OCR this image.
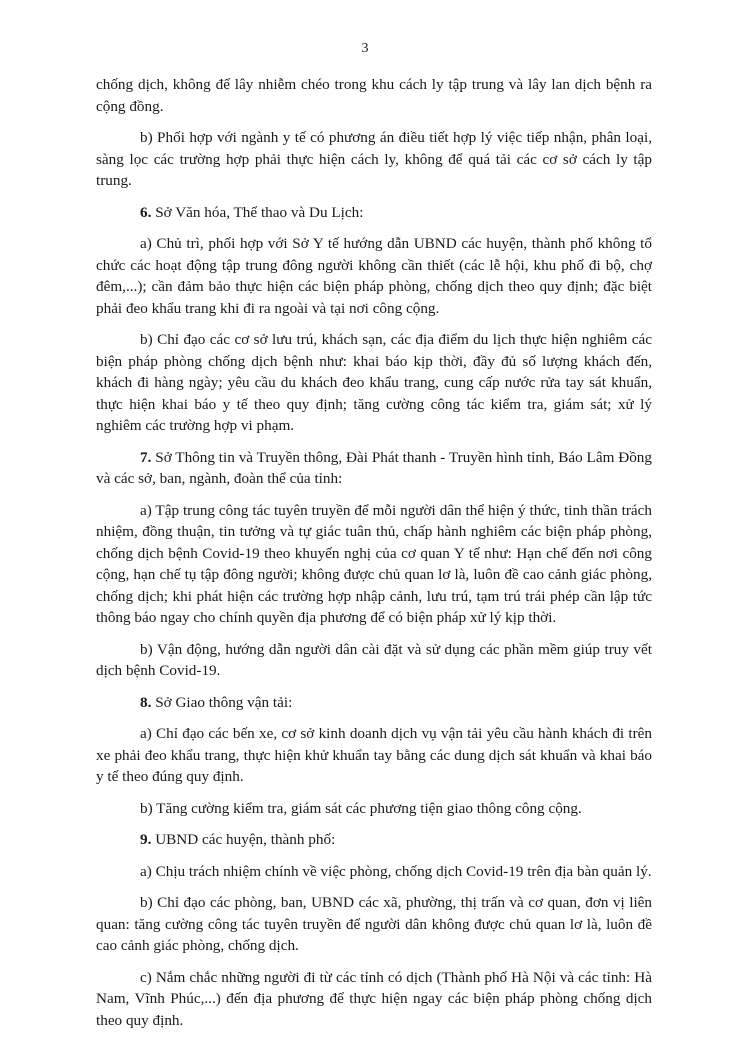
3

chống dịch, không để lây nhiễm chéo trong khu cách ly tập trung và lây lan dịch bệnh ra cộng đồng.

b) Phối hợp với ngành y tế có phương án điều tiết hợp lý việc tiếp nhận, phân loại, sàng lọc các trường hợp phải thực hiện cách ly, không để quá tải các cơ sở cách ly tập trung.

6. Sở Văn hóa, Thể thao và Du Lịch:

a) Chủ trì, phối hợp với Sở Y tế hướng dẫn UBND các huyện, thành phố không tổ chức các hoạt động tập trung đông người không cần thiết (các lễ hội, khu phố đi bộ, chợ đêm,...); cần đảm bảo thực hiện các biện pháp phòng, chống dịch theo quy định; đặc biệt phải đeo khẩu trang khi đi ra ngoài và tại nơi công cộng.

b) Chỉ đạo các cơ sở lưu trú, khách sạn, các địa điểm du lịch thực hiện nghiêm các biện pháp phòng chống dịch bệnh như: khai báo kịp thời, đầy đủ số lượng khách đến, khách đi hàng ngày; yêu cầu du khách đeo khẩu trang, cung cấp nước rửa tay sát khuẩn, thực hiện khai báo y tế theo quy định; tăng cường công tác kiểm tra, giám sát; xử lý nghiêm các trường hợp vi phạm.

7. Sở Thông tin và Truyền thông, Đài Phát thanh - Truyền hình tỉnh, Báo Lâm Đồng và các sở, ban, ngành, đoàn thể của tỉnh:

a) Tập trung công tác tuyên truyền để mỗi người dân thể hiện ý thức, tinh thần trách nhiệm, đồng thuận, tin tưởng và tự giác tuân thủ, chấp hành nghiêm các biện pháp phòng, chống dịch bệnh Covid-19 theo khuyến nghị của cơ quan Y tế như: Hạn chế đến nơi công cộng, hạn chế tụ tập đông người; không được chủ quan lơ là, luôn đề cao cảnh giác phòng, chống dịch; khi phát hiện các trường hợp nhập cảnh, lưu trú, tạm trú trái phép cần lập tức thông báo ngay cho chính quyền địa phương để có biện pháp xử lý kịp thời.

b) Vận động, hướng dẫn người dân cài đặt và sử dụng các phần mềm giúp truy vết dịch bệnh Covid-19.

8. Sở Giao thông vận tải:

a) Chỉ đạo các bến xe, cơ sở kinh doanh dịch vụ vận tải yêu cầu hành khách đi trên xe phải đeo khẩu trang, thực hiện khử khuẩn tay bằng các dung dịch sát khuẩn và khai báo y tế theo đúng quy định.

b) Tăng cường kiểm tra, giám sát các phương tiện giao thông công cộng.

9. UBND các huyện, thành phố:

a) Chịu trách nhiệm chính về việc phòng, chống dịch Covid-19 trên địa bàn quản lý.

b) Chỉ đạo các phòng, ban, UBND các xã, phường, thị trấn và cơ quan, đơn vị liên quan: tăng cường công tác tuyên truyền để người dân không được chủ quan lơ là, luôn đề cao cảnh giác phòng, chống dịch.

c) Nắm chắc những người đi từ các tỉnh có dịch (Thành phố Hà Nội và các tỉnh: Hà Nam, Vĩnh Phúc,...) đến địa phương để thực hiện ngay các biện pháp phòng chống dịch theo quy định.
